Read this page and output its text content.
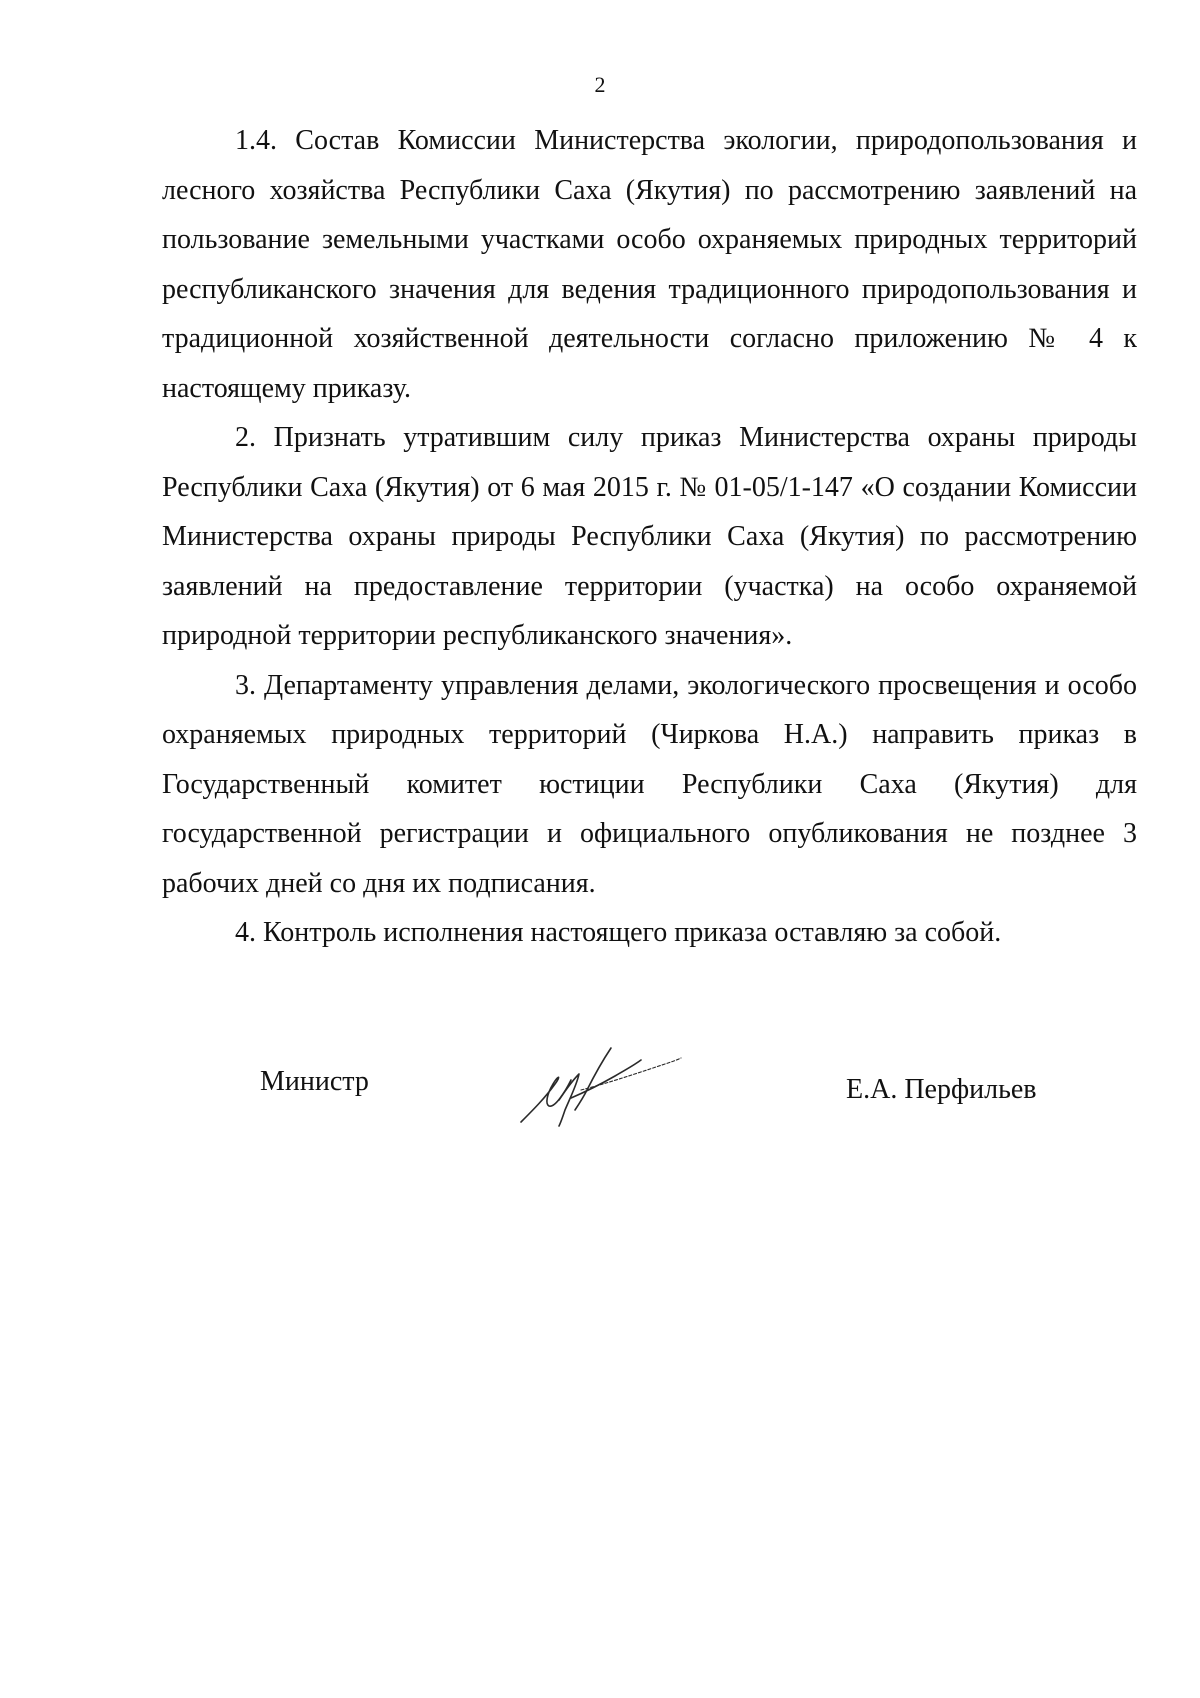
2

1.4. Состав Комиссии Министерства экологии, природопользования и лесного хозяйства Республики Саха (Якутия) по рассмотрению заявлений на пользование земельными участками особо охраняемых природных территорий республиканского значения для ведения традиционного природопользования и традиционной хозяйственной деятельности согласно приложению № 4 к настоящему приказу.

2. Признать утратившим силу приказ Министерства охраны природы Республики Саха (Якутия) от 6 мая 2015 г. № 01-05/1-147 «О создании Комиссии Министерства охраны природы Республики Саха (Якутия) по рассмотрению заявлений на предоставление территории (участка) на особо охраняемой природной территории республиканского значения».

3. Департаменту управления делами, экологического просвещения и особо охраняемых природных территорий (Чиркова Н.А.) направить приказ в Государственный комитет юстиции Республики Саха (Якутия) для государственной регистрации и официального опубликования не позднее 3 рабочих дней со дня их подписания.

4. Контроль исполнения настоящего приказа оставляю за собой.

Министр	Е.А. Перфильев
